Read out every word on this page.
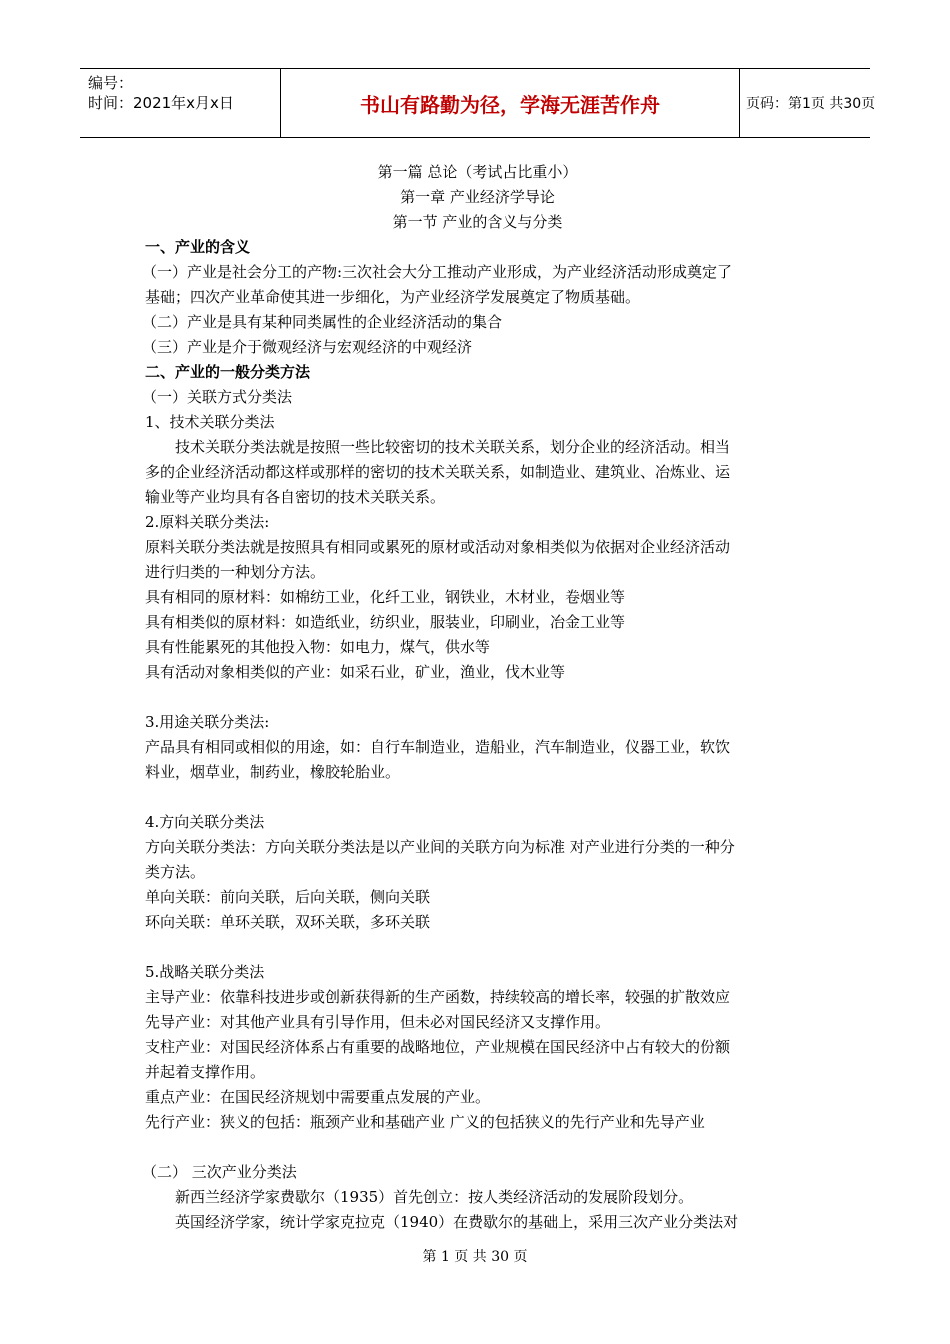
编号：
时间：2021年x月x日	书山有路勤为径，学海无涯苦作舟	页码：第1页 共30页
第一篇 总论（考试占比重小）
第一章 产业经济学导论
第一节 产业的含义与分类

一、产业的含义

（一）产业是社会分工的产物:三次社会大分工推动产业形成，为产业经济活动形成奠定了

基础；四次产业革命使其进一步细化，为产业经济学发展奠定了物质基础。

（二）产业是具有某种同类属性的企业经济活动的集合

（三）产业是介于微观经济与宏观经济的中观经济

二、产业的一般分类方法

（一）关联方式分类法

1、技术关联分类法

技术关联分类法就是按照一些比较密切的技术关联关系，划分企业的经济活动。相当

多的企业经济活动都这样或那样的密切的技术关联关系，如制造业、建筑业、冶炼业、运

输业等产业均具有各自密切的技术关联关系。

2.原料关联分类法:

原料关联分类法就是按照具有相同或累死的原材或活动对象相类似为依据对企业经济活动

进行归类的一种划分方法。

具有相同的原材料：如棉纺工业，化纤工业，钢铁业，木材业，卷烟业等

具有相类似的原材料：如造纸业，纺织业，服装业，印刷业，冶金工业等

具有性能累死的其他投入物：如电力，煤气，供水等

具有活动对象相类似的产业：如采石业，矿业，渔业，伐木业等

3.用途关联分类法:

产品具有相同或相似的用途，如：自行车制造业，造船业，汽车制造业，仪器工业，软饮

料业，烟草业，制药业，橡胶轮胎业。

4.方向关联分类法

方向关联分类法：方向关联分类法是以产业间的关联方向为标准 对产业进行分类的一种分

类方法。

单向关联：前向关联，后向关联，侧向关联

环向关联：单环关联，双环关联，多环关联

5.战略关联分类法

主导产业：依靠科技进步或创新获得新的生产函数，持续较高的增长率，较强的扩散效应

先导产业：对其他产业具有引导作用，但未必对国民经济又支撑作用。

支柱产业：对国民经济体系占有重要的战略地位，产业规模在国民经济中占有较大的份额

并起着支撑作用。

重点产业：在国民经济规划中需要重点发展的产业。

先行产业：狭义的包括：瓶颈产业和基础产业 广义的包括狭义的先行产业和先导产业

（二） 三次产业分类法

新西兰经济学家费歇尔（1935）首先创立：按人类经济活动的发展阶段划分。

英国经济学家，统计学家克拉克（1940）在费歇尔的基础上，采用三次产业分类法对

第 1 页 共 30 页
